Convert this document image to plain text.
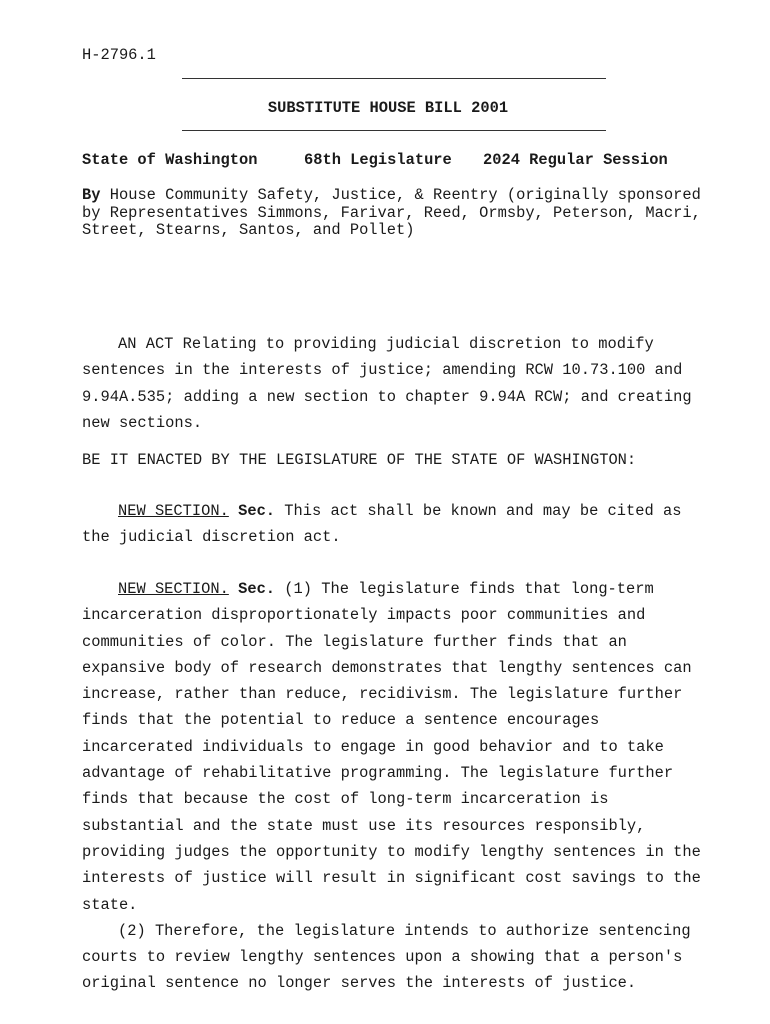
H-2796.1
SUBSTITUTE HOUSE BILL 2001

State of Washington

	68th Legislature

2024 Regular Session

By House Community Safety, Justice, & Reentry (originally sponsored by Representatives Simmons, Farivar, Reed, Ormsby, Peterson, Macri, Street, Stearns, Santos, and Pollet)

AN ACT Relating to providing judicial discretion to modify sentences in the interests of justice; amending RCW 10.73.100 and 9.94A.535; adding a new section to chapter 9.94A RCW; and creating new sections.

BE IT ENACTED BY THE LEGISLATURE OF THE STATE OF WASHINGTON:

NEW SECTION. Sec. This act shall be known and may be cited as the judicial discretion act.

NEW SECTION. Sec. (1) The legislature finds that long-term incarceration disproportionately impacts poor communities and communities of color. The legislature further finds that an expansive body of research demonstrates that lengthy sentences can increase, rather than reduce, recidivism. The legislature further finds that the potential to reduce a sentence encourages incarcerated individuals to engage in good behavior and to take advantage of rehabilitative programming. The legislature further finds that because the cost of long-term incarceration is substantial and the state must use its resources responsibly, providing judges the opportunity to modify lengthy sentences in the interests of justice will result in significant cost savings to the state.

(2) Therefore, the legislature intends to authorize sentencing courts to review lengthy sentences upon a showing that a person's original sentence no longer serves the interests of justice.
